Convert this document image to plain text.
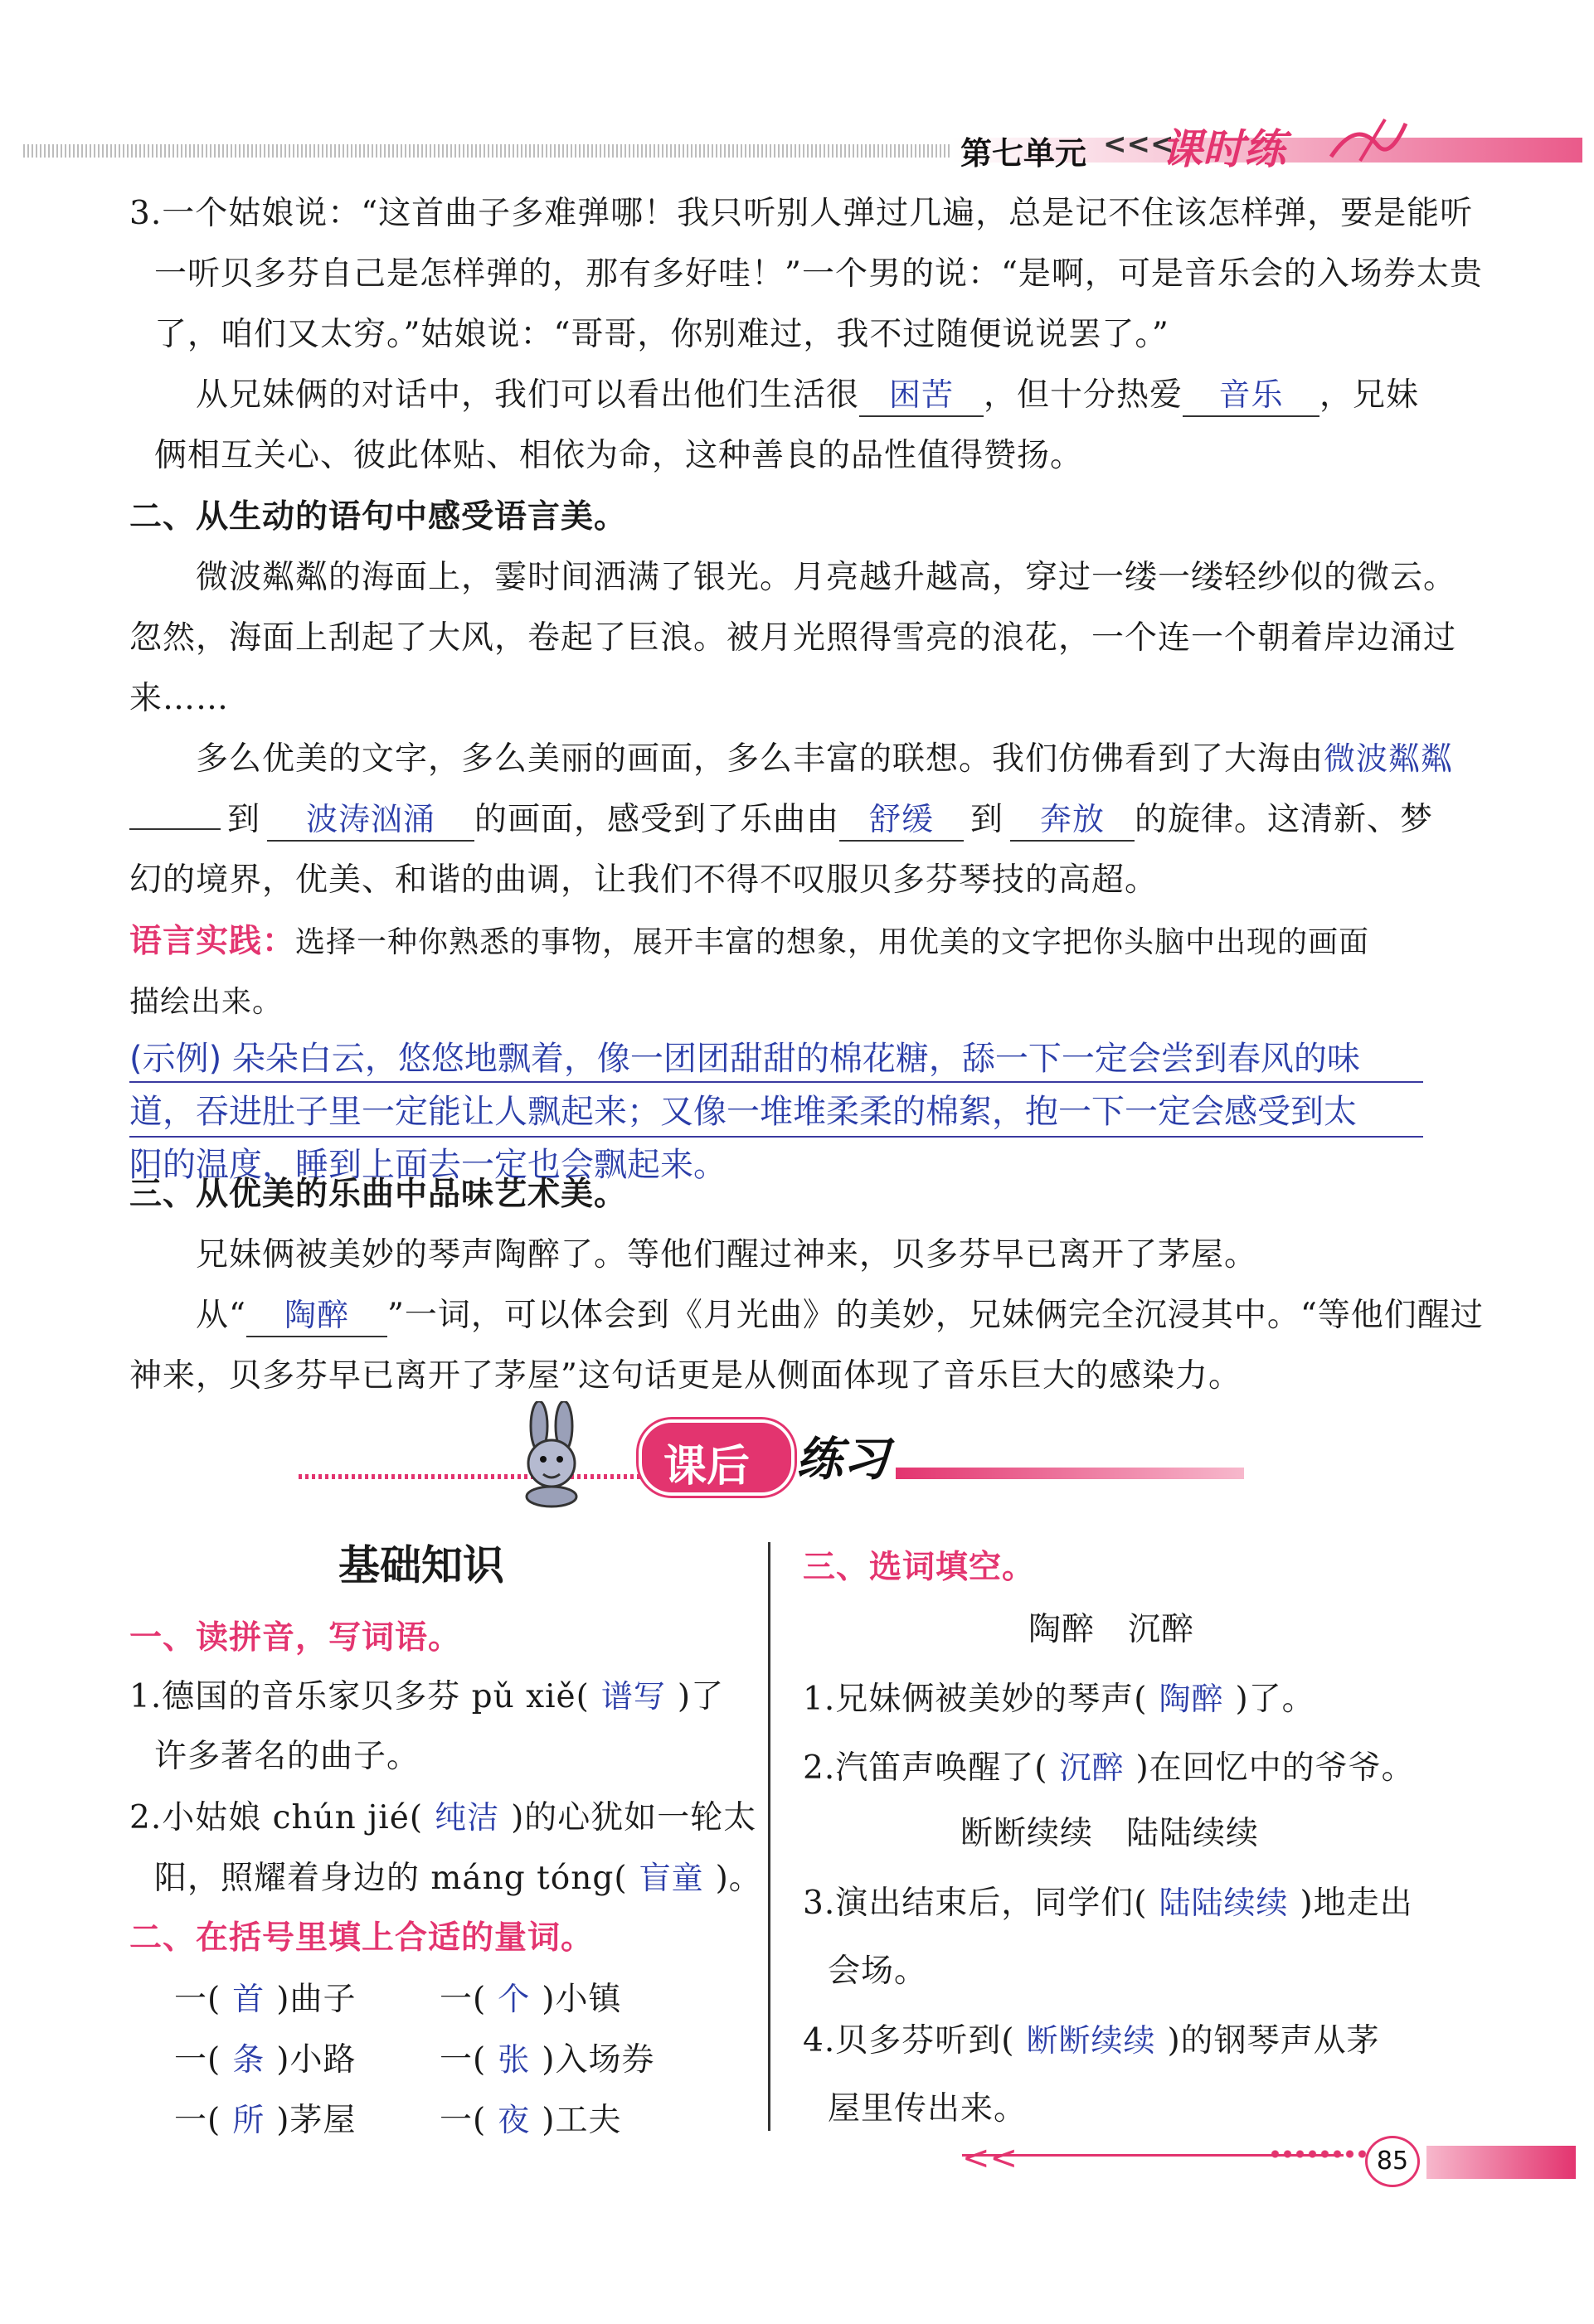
第七单元 <<<
课时练
3.一个姑娘说：“这首曲子多难弹哪！我只听别人弹过几遍，总是记不住该怎样弹，要是能听
一听贝多芬自己是怎样弹的，那有多好哇！”一个男的说：“是啊，可是音乐会的入场券太贵
了，咱们又太穷。”姑娘说：“哥哥，你别难过，我不过随便说说罢了。”
从兄妹俩的对话中，我们可以看出他们生活很 困苦 ，但十分热爱 音乐 ，兄妹
俩相互关心、彼此体贴、相依为命，这种善良的品性值得赞扬。
二、从生动的语句中感受语言美。
微波粼粼的海面上，霎时间洒满了银光。月亮越升越高，穿过一缕一缕轻纱似的微云。
忽然，海面上刮起了大风，卷起了巨浪。被月光照得雪亮的浪花，一个连一个朝着岸边涌过
来……
多么优美的文字，多么美丽的画面，多么丰富的联想。我们仿佛看到了大海由微波粼粼
到 波涛汹涌 的画面，感受到了乐曲由 舒缓 到 奔放 的旋律。这清新、梦
幻的境界，优美、和谐的曲调，让我们不得不叹服贝多芬琴技的高超。
语言实践：选择一种你熟悉的事物，展开丰富的想象，用优美的文字把你头脑中出现的画面
描绘出来。
(示例) 朵朵白云，悠悠地飘着，像一团团甜甜的棉花糖，舔一下一定会尝到春风的味
道，吞进肚子里一定能让人飘起来；又像一堆堆柔柔的棉絮，抱一下一定会感受到太
阳的温度，睡到上面去一定也会飘起来。
三、从优美的乐曲中品味艺术美。
兄妹俩被美妙的琴声陶醉了。等他们醒过神来，贝多芬早已离开了茅屋。
从“ 陶醉 ”一词，可以体会到《月光曲》的美妙，兄妹俩完全沉浸其中。“等他们醒过
神来，贝多芬早已离开了茅屋”这句话更是从侧面体现了音乐巨大的感染力。
课后 练习
基础知识
一、读拼音，写词语。
1.德国的音乐家贝多芬 pǔ xiě( 谱写 )了
许多著名的曲子。
2.小姑娘 chún jié( 纯洁 )的心犹如一轮太
阳，照耀着身边的 máng tóng( 盲童 )。
二、在括号里填上合适的量词。
一( 首 )曲子	一( 个 )小镇
一( 条 )小路	一( 张 )入场券
一( 所 )茅屋	一( 夜 )工夫
三、选词填空。
陶醉　沉醉
1.兄妹俩被美妙的琴声( 陶醉 )了。
2.汽笛声唤醒了( 沉醉 )在回忆中的爷爷。
断断续续　陆陆续续
3.演出结束后，同学们( 陆陆续续 )地走出
会场。
4.贝多芬听到( 断断续续 )的钢琴声从茅
屋里传出来。
<<	85
